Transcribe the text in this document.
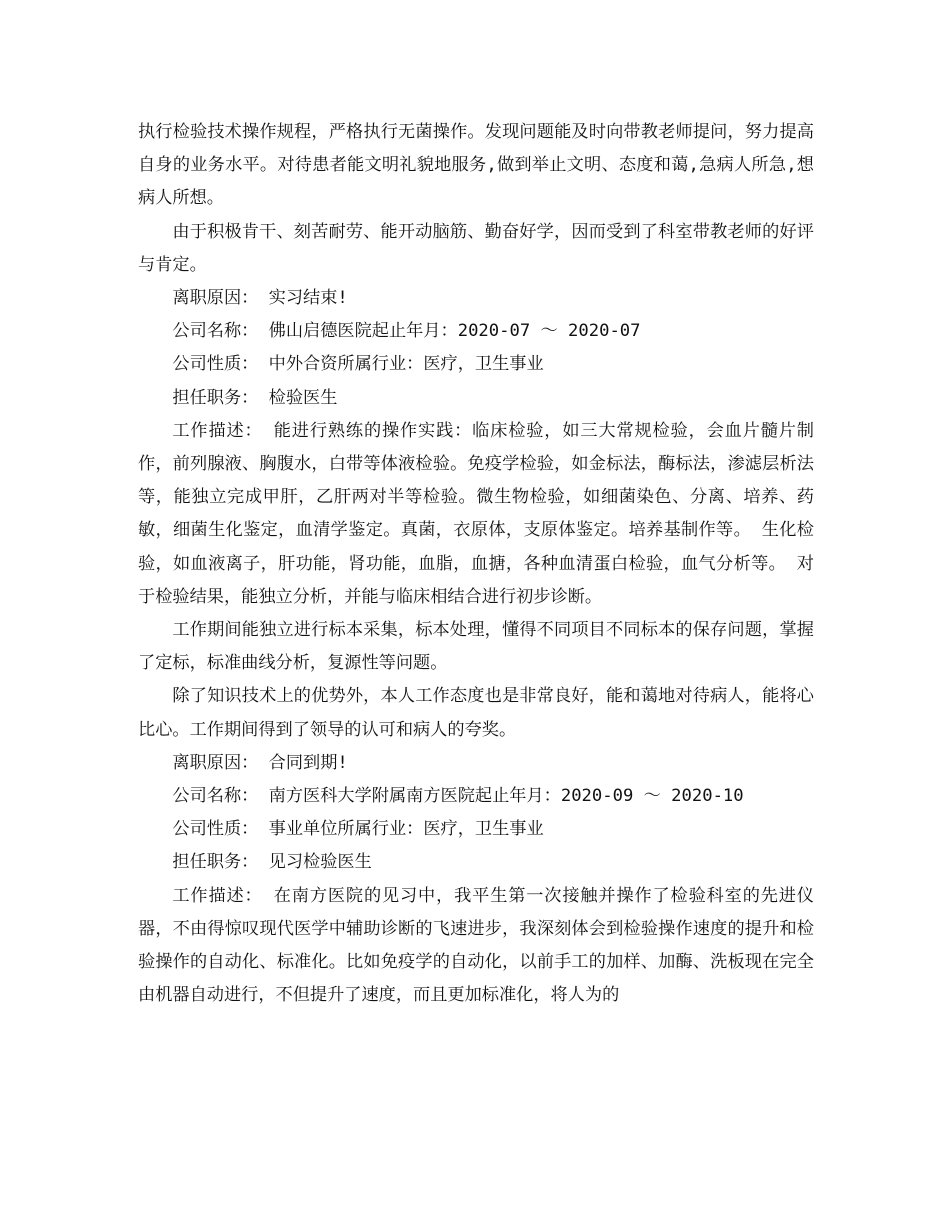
执行检验技术操作规程，严格执行无菌操作。发现问题能及时向带教老师提问，努力提高自身的业务水平。对待患者能文明礼貌地服务,做到举止文明、态度和蔼,急病人所急,想病人所想。

由于积极肯干、刻苦耐劳、能开动脑筋、勤奋好学，因而受到了科室带教老师的好评与肯定。

离职原因： 实习结束!

公司名称： 佛山启德医院起止年月：2020-07 ～ 2020-07

公司性质： 中外合资所属行业：医疗，卫生事业

担任职务： 检验医生

工作描述： 能进行熟练的操作实践：临床检验，如三大常规检验，会血片髓片制作，前列腺液、胸腹水，白带等体液检验。免疫学检验，如金标法，酶标法，渗滤层析法等，能独立完成甲肝，乙肝两对半等检验。微生物检验，如细菌染色、分离、培养、药敏，细菌生化鉴定，血清学鉴定。真菌，衣原体，支原体鉴定。培养基制作等。 生化检验，如血液离子，肝功能，肾功能，血脂，血搪，各种血清蛋白检验，血气分析等。 对于检验结果，能独立分析，并能与临床相结合进行初步诊断。

工作期间能独立进行标本采集，标本处理，懂得不同项目不同标本的保存问题，掌握了定标，标准曲线分析，复源性等问题。

除了知识技术上的优势外，本人工作态度也是非常良好，能和蔼地对待病人，能将心比心。工作期间得到了领导的认可和病人的夸奖。

离职原因： 合同到期!

公司名称： 南方医科大学附属南方医院起止年月：2020-09 ～ 2020-10

公司性质： 事业单位所属行业：医疗，卫生事业

担任职务： 见习检验医生

工作描述： 在南方医院的见习中，我平生第一次接触并操作了检验科室的先进仪器，不由得惊叹现代医学中辅助诊断的飞速进步，我深刻体会到检验操作速度的提升和检验操作的自动化、标准化。比如免疫学的自动化，以前手工的加样、加酶、洗板现在完全由机器自动进行，不但提升了速度，而且更加标准化，将人为的
